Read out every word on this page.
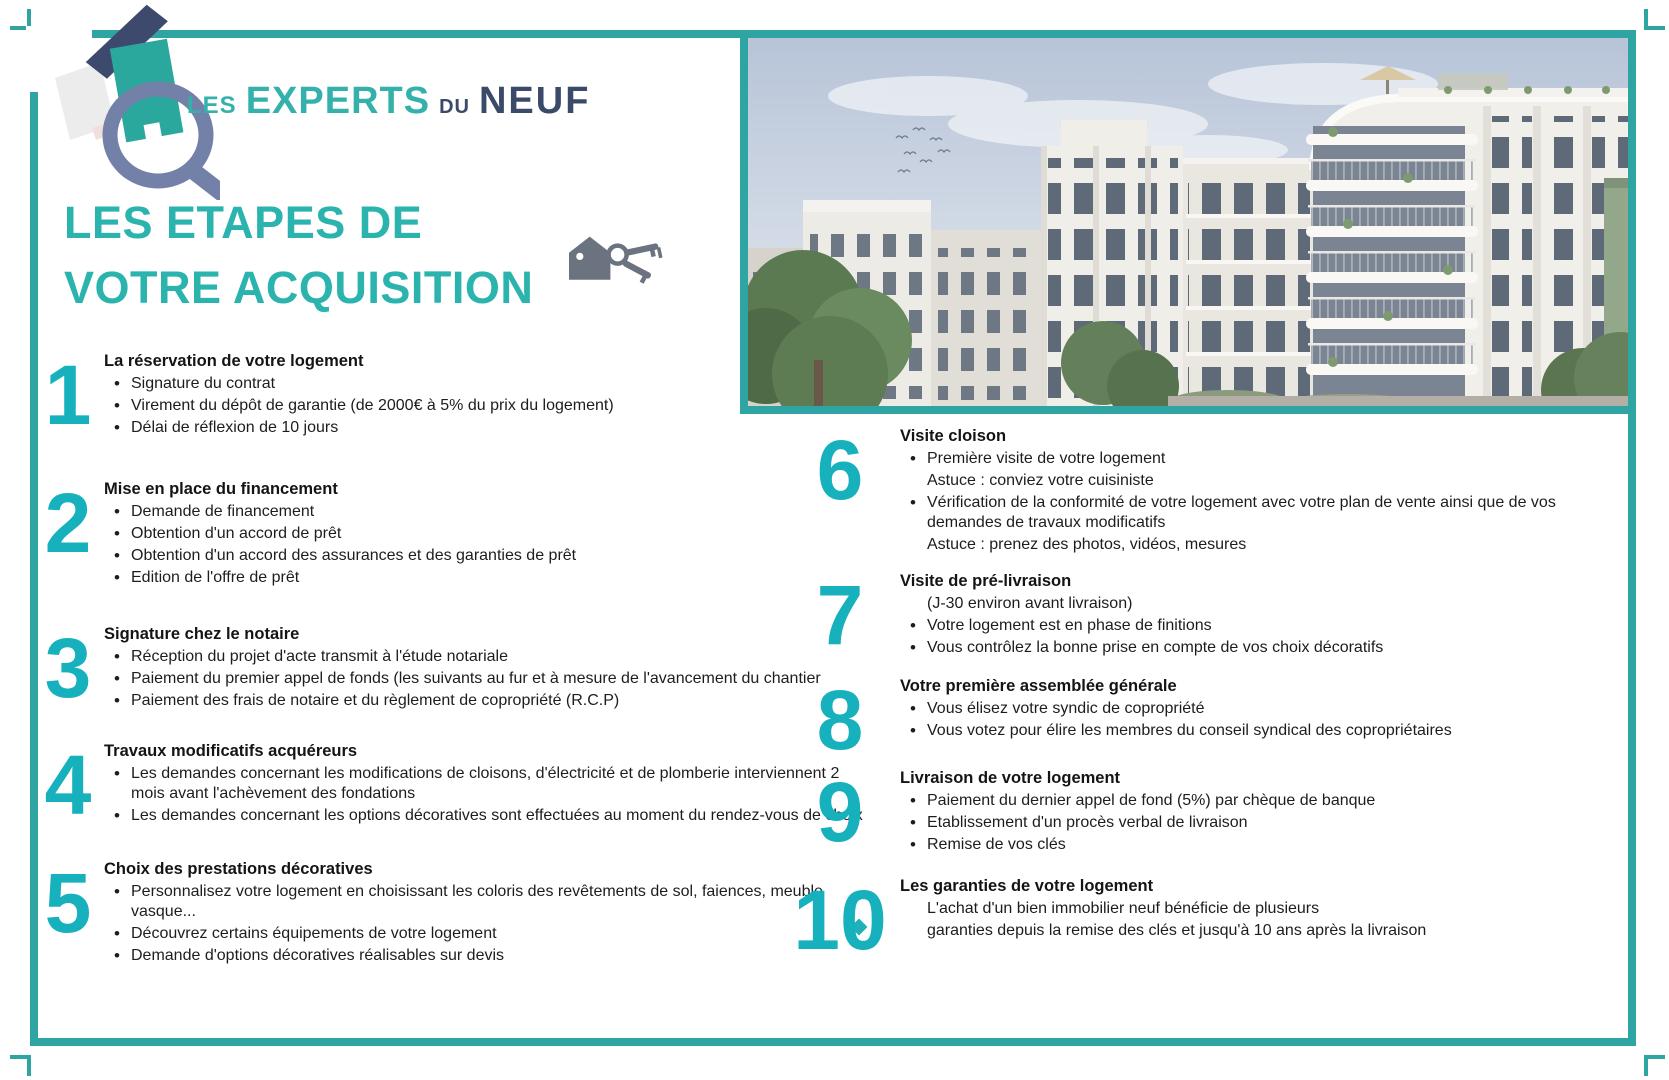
LES EXPERTS DU NEUF
LES ETAPES DE
VOTRE ACQUISITION
1 La réservation de votre logement
• Signature du contrat
• Virement du dépôt de garantie (de 2000€ à 5% du prix du logement)
• Délai de réflexion de 10 jours
2 Mise en place du financement
• Demande de financement
• Obtention d'un accord de prêt
• Obtention d'un accord des assurances et des garanties de prêt
• Edition de l'offre de prêt
3 Signature chez le notaire
• Réception du projet d'acte transmit à l'étude notariale
• Paiement du premier appel de fonds (les suivants au fur et à mesure de l'avancement du chantier
• Paiement des frais de notaire et du règlement de copropriété (R.C.P)
4 Travaux modificatifs acquéreurs
• Les demandes concernant les modifications de cloisons, d'électricité et de plomberie interviennent 2 mois avant l'achèvement des fondations
• Les demandes concernant les options décoratives sont effectuées au moment du rendez-vous de choix
5 Choix des prestations décoratives
• Personnalisez votre logement en choisissant les coloris des revêtements de sol, faiences, meuble vasque...
• Découvrez certains équipements de votre logement
• Demande d'options décoratives réalisables sur devis
6	Visite cloison
• Première visite de votre logement
Astuce : conviez votre cuisiniste
• Vérification de la conformité de votre logement avec votre plan de vente ainsi que de vos demandes de travaux modificatifs
Astuce : prenez des photos, vidéos, mesures
7	Visite de pré-livraison
(J-30 environ avant livraison)
• Votre logement est en phase de finitions
• Vous contrôlez la bonne prise en compte de vos choix décoratifs
8	Votre première assemblée générale
• Vous élisez votre syndic de copropriété
• Vous votez pour élire les membres du conseil syndical des copropriétaires
9	Livraison de votre logement
• Paiement du dernier appel de fond (5%) par chèque de banque
• Etablissement d'un procès verbal de livraison
• Remise de vos clés
10 Les garanties de votre logement
L'achat d'un bien immobilier neuf bénéficie de plusieurs
garanties depuis la remise des clés et jusqu'à 10 ans après la livraison
